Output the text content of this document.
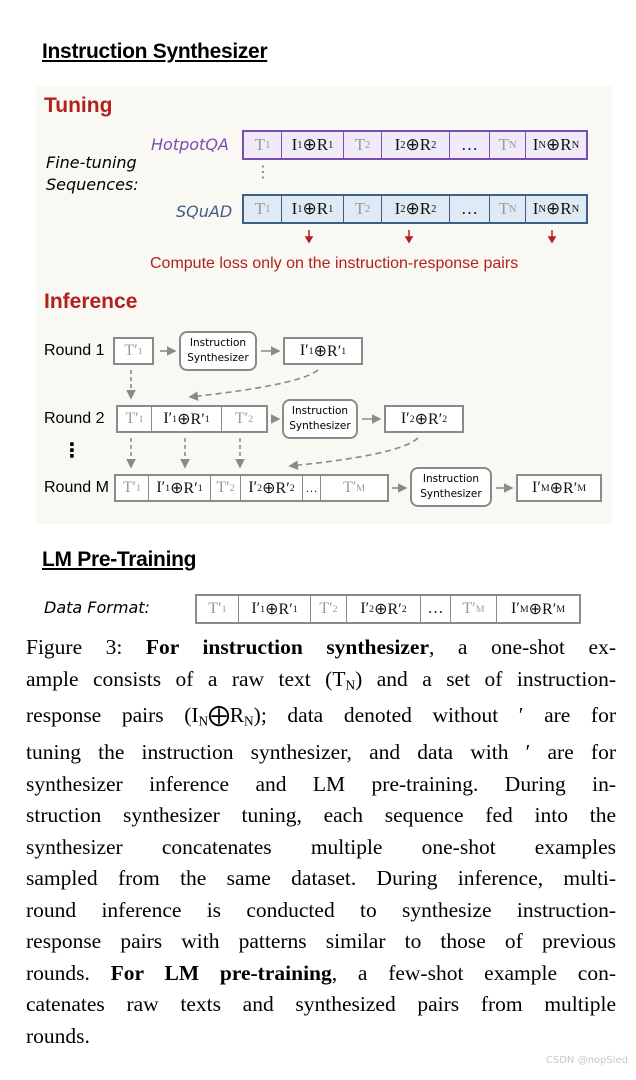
Instruction Synthesizer
Tuning
Fine-tuning
Sequences:
HotpotQA
SQuAD
T 1	I 1 ⊕R 1	T 2	I 2 ⊕R 2	…	T N I N ⊕R N
⋮
T 1	I 1 ⊕R 1	T 2	I 2 ⊕R 2	…	T N I N ⊕R N
Compute loss only on the instruction-response pairs
Inference
Round 1	T′ 1
Instruction
Synthesizer	I′ 1 ⊕R′ 1
Round 2	T′ 1	I′ 1 ⊕R′ 1	T′ 2
Instruction
Synthesizer	I′ 2 ⊕R′ 2
⋮
Round M T′ 1 I′ 1 ⊕R′ 1 T′ 2 I′ 2 ⊕R′ 2 …	T′ M
Instruction
Synthesizer	I′ M ⊕R′ M
LM Pre-Training
Data Format:	T′ 1	I′ 1 ⊕R′ 1	T′ 2	I′ 2 ⊕R′ 2	…	T′ M	I′ M ⊕R′ M
Figure 3: For instruction synthesizer, a one-shot ex-
ample consists of a raw text $(T_N)$ and a set of instruction-
response pairs $(I_N⨁R_N)$; data denoted without ′ are for
tuning the instruction synthesizer, and data with ′ are for
synthesizer inference and LM pre-training. During in-
struction synthesizer tuning, each sequence fed into the
synthesizer concatenates multiple one-shot examples
sampled from the same dataset. During inference, multi-
round inference is conducted to synthesize instruction-
response pairs with patterns similar to those of previous
rounds. For LM pre-training, a few-shot example con-
catenates raw texts and synthesized pairs from multiple
rounds.
CSDN @nopSled
